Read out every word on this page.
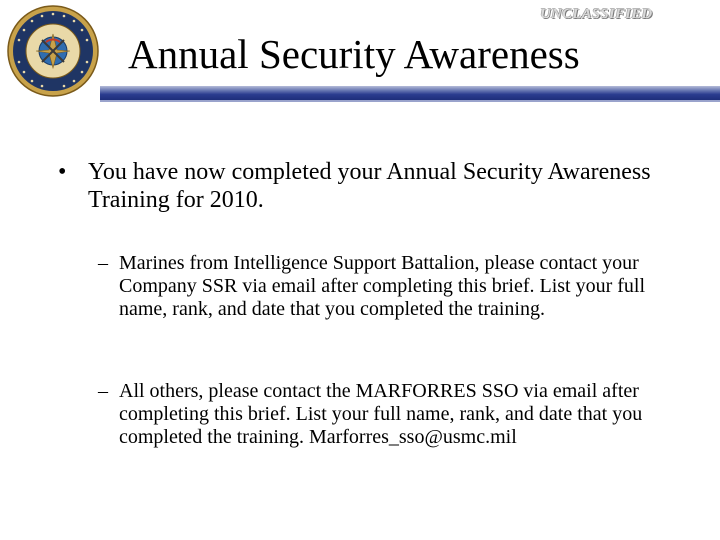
UNCLASSIFIED
Annual Security Awareness
• You have now completed your Annual Security Awareness Training for 2010.
– Marines from Intelligence Support Battalion, please contact your Company SSR via email after completing this brief. List your full name, rank, and date that you completed the training.
– All others, please contact the MARFORRES SSO via email after completing this brief. List your full name, rank, and date that you completed the training. Marforres_sso@usmc.mil
